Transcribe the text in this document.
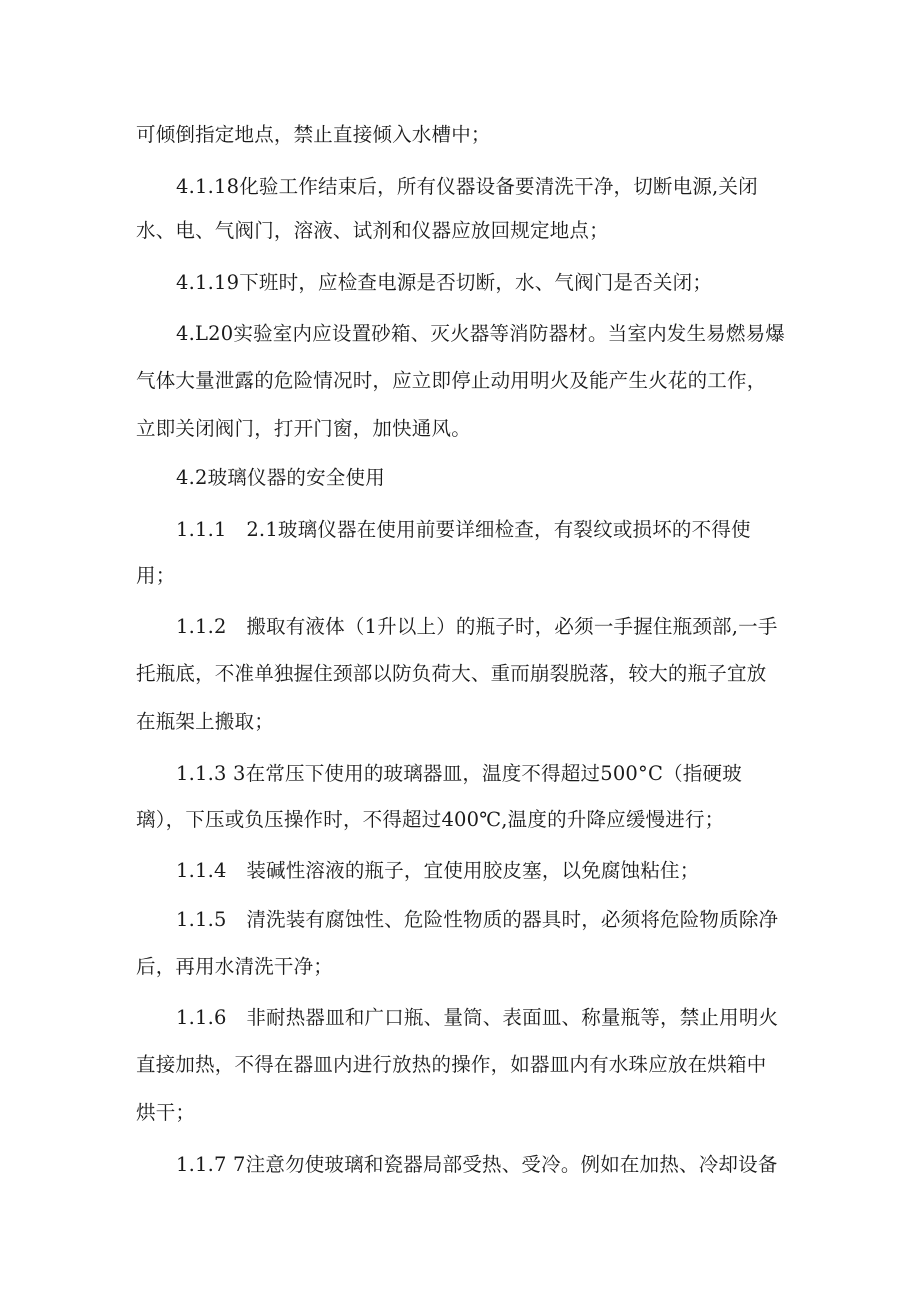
可倾倒指定地点，禁止直接倾入水槽中；
4.1.18化验工作结束后，所有仪器设备要清洗干净，切断电源,关闭
水、电、气阀门，溶液、试剂和仪器应放回规定地点；
4.1.19下班时，应检查电源是否切断，水、气阀门是否关闭；
4.L20实验室内应设置砂箱、灭火器等消防器材。当室内发生易燃易爆
气体大量泄露的危险情况时，应立即停止动用明火及能产生火花的工作，
立即关闭阀门，打开门窗，加快通风。
4.2玻璃仪器的安全使用
1.1.1　2.1玻璃仪器在使用前要详细检查，有裂纹或损坏的不得使
用；
1.1.2　搬取有液体（1升以上）的瓶子时，必须一手握住瓶颈部,一手
托瓶底，不准单独握住颈部以防负荷大、重而崩裂脱落，较大的瓶子宜放
在瓶架上搬取；
1.1.3 3在常压下使用的玻璃器皿，温度不得超过500°C（指硬玻
璃），下压或负压操作时，不得超过400℃,温度的升降应缓慢进行；
1.1.4　装碱性溶液的瓶子，宜使用胶皮塞，以免腐蚀粘住；
1.1.5　清洗装有腐蚀性、危险性物质的器具时，必须将危险物质除净
后，再用水清洗干净；
1.1.6　非耐热器皿和广口瓶、量筒、表面皿、称量瓶等，禁止用明火
直接加热，不得在器皿内进行放热的操作，如器皿内有水珠应放在烘箱中
烘干；
1.1.7 7注意勿使玻璃和瓷器局部受热、受冷。例如在加热、冷却设备
